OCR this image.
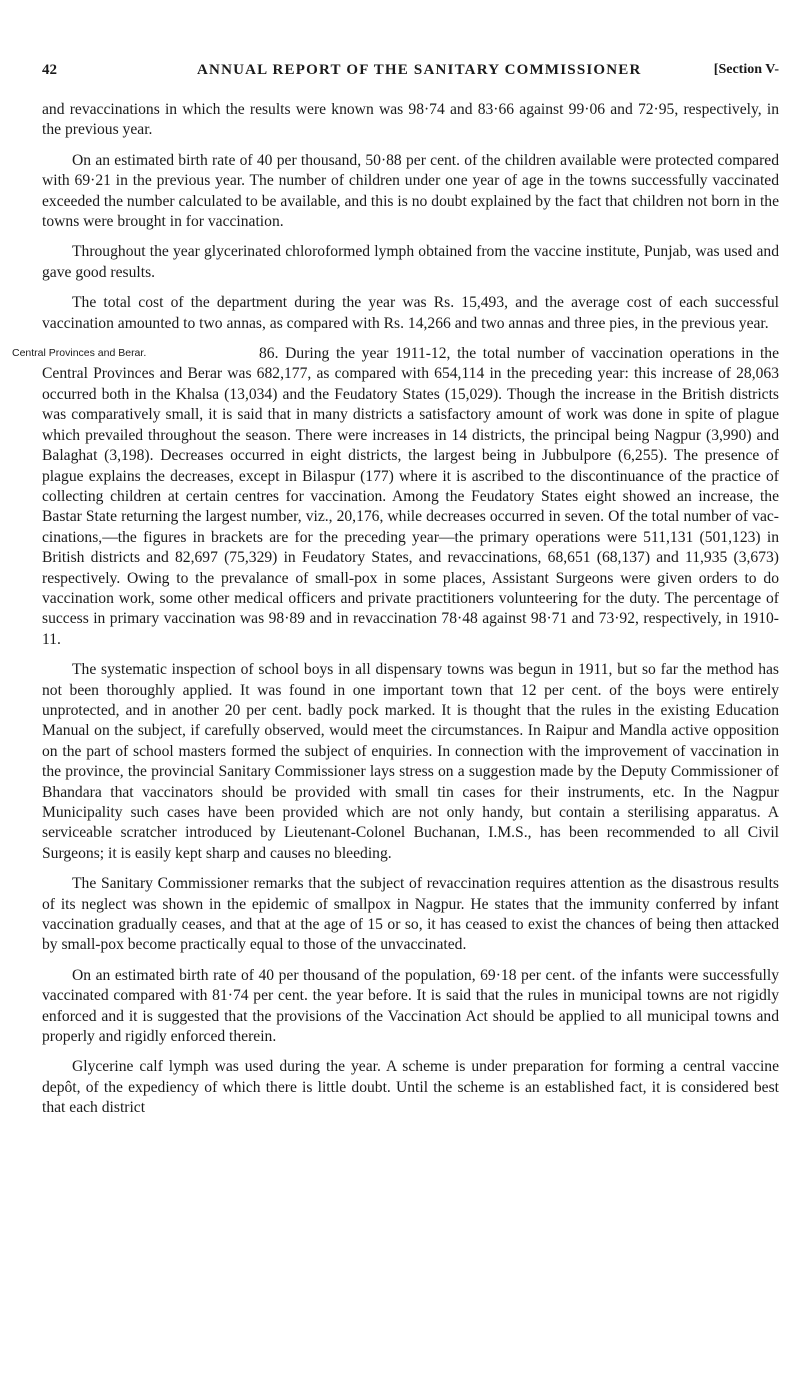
42	ANNUAL REPORT OF THE SANITARY COMMISSIONER	[Section V-

and revaccinations in which the results were known was 98·74 and 83·66 against 99·06 and 72·95, respectively, in the previous year.

On an estimated birth rate of 40 per thousand, 50·88 per cent. of the children available were protected compared with 69·21 in the previous year. The number of children under one year of age in the towns successfully vaccinated exceeded the number calculated to be available, and this is no doubt explained by the fact that children not born in the towns were brought in for vaccination.

Throughout the year glycerinated chloroformed lymph obtained from the vaccine institute, Punjab, was used and gave good results.

The total cost of the department during the year was Rs. 15,493, and the average cost of each successful vaccination amounted to two annas, as compared with Rs. 14,266 and two annas and three pies, in the previous year.

Central Provinces and Berar.	86. During the year 1911-12, the total number of vaccination operations in the Central Provinces and Berar was 682,177, as compared with 654,114 in the preceding year: this increase of 28,063 occurred both in the Khalsa (13,034) and the Feudatory States (15,029). Though the increase in the British districts was comparatively small, it is said that in many districts a satisfactory amount of work was done in spite of plague which prevailed throughout the season. There were increases in 14 districts, the principal being Nagpur (3,990) and Balaghat (3,198). Decreases occurred in eight districts, the largest being in Jubbulpore (6,255). The presence of plague explains the decreases, except in Bilaspur (177) where it is ascribed to the discontinuance of the practice of collecting children at certain centres for vaccination. Among the Feudatory States eight showed an increase, the Bastar State returning the largest number, viz., 20,176, while decreases occurred in seven. Of the total number of vaccinations,—the figures in brackets are for the preceding year—the primary operations were 511,131 (501,123) in British districts and 82,697 (75,329) in Feudatory States, and revaccinations, 68,651 (68,137) and 11,935 (3,673) respectively. Owing to the prevalance of small-pox in some places, Assistant Surgeons were given orders to do vaccination work, some other medical officers and private practitioners volunteering for the duty. The percentage of success in primary vaccination was 98·89 and in revaccination 78·48 against 98·71 and 73·92, respectively, in 1910-11.

The systematic inspection of school boys in all dispensary towns was begun in 1911, but so far the method has not been thoroughly applied. It was found in one important town that 12 per cent. of the boys were entirely unprotected, and in another 20 per cent. badly pock marked. It is thought that the rules in the existing Education Manual on the subject, if carefully observed, would meet the circumstances. In Raipur and Mandla active opposition on the part of school masters formed the subject of enquiries. In connection with the improvement of vaccination in the province, the provincial Sanitary Commissioner lays stress on a suggestion made by the Deputy Commissioner of Bhandara that vaccinators should be provided with small tin cases for their instruments, etc. In the Nagpur Municipality such cases have been provided which are not only handy, but contain a sterilising apparatus. A serviceable scratcher introduced by Lieutenant-Colonel Buchanan, I.M.S., has been recommended to all Civil Surgeons; it is easily kept sharp and causes no bleeding.

The Sanitary Commissioner remarks that the subject of revaccination requires attention as the disastrous results of its neglect was shown in the epidemic of smallpox in Nagpur. He states that the immunity conferred by infant vaccination gradually ceases, and that at the age of 15 or so, it has ceased to exist the chances of being then attacked by small-pox become practically equal to those of the unvaccinated.

On an estimated birth rate of 40 per thousand of the population, 69·18 per cent. of the infants were successfully vaccinated compared with 81·74 per cent. the year before. It is said that the rules in municipal towns are not rigidly enforced and it is suggested that the provisions of the Vaccination Act should be applied to all municipal towns and properly and rigidly enforced therein.

Glycerine calf lymph was used during the year. A scheme is under preparation for forming a central vaccine depôt, of the expediency of which there is little doubt. Until the scheme is an established fact, it is considered best that each district
